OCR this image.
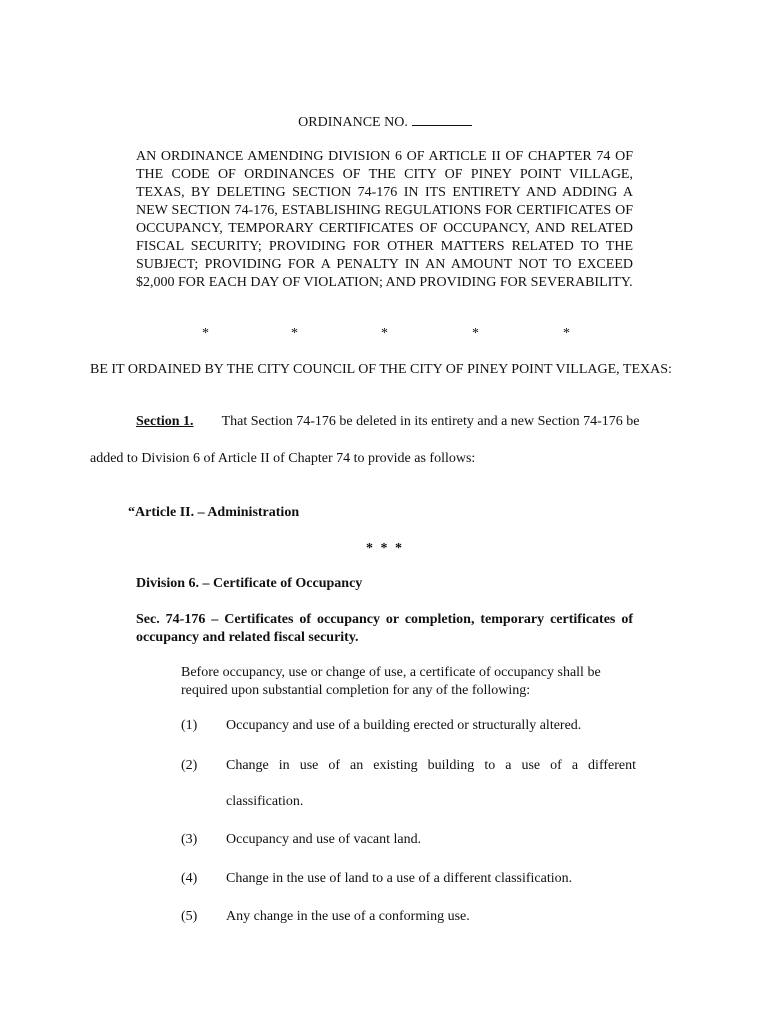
ORDINANCE NO.
AN ORDINANCE AMENDING DIVISION 6 OF ARTICLE II OF CHAPTER 74 OF THE CODE OF ORDINANCES OF THE CITY OF PINEY POINT VILLAGE, TEXAS, BY DELETING SECTION 74-176 IN ITS ENTIRETY AND ADDING A NEW SECTION 74-176, ESTABLISHING REGULATIONS FOR CERTIFICATES OF OCCUPANCY, TEMPORARY CERTIFICATES OF OCCUPANCY, AND RELATED FISCAL SECURITY; PROVIDING FOR OTHER MATTERS RELATED TO THE SUBJECT; PROVIDING FOR A PENALTY IN AN AMOUNT NOT TO EXCEED $2,000 FOR EACH DAY OF VIOLATION; AND PROVIDING FOR SEVERABILITY.
*	*	*	*	*
BE IT ORDAINED BY THE CITY COUNCIL OF THE CITY OF PINEY POINT VILLAGE, TEXAS:
Section 1. That Section 74-176 be deleted in its entirety and a new Section 74-176 be
added to Division 6 of Article II of Chapter 74 to provide as follows:
“Article II. – Administration
* * *
Division 6. – Certificate of Occupancy
Sec. 74-176 – Certificates of occupancy or completion, temporary certificates of occupancy and related fiscal security.
Before occupancy, use or change of use, a certificate of occupancy shall be required upon substantial completion for any of the following:
(1) Occupancy and use of a building erected or structurally altered.
(2) Change in use of an existing building to a use of a different classification.
(3) Occupancy and use of vacant land.
(4) Change in the use of land to a use of a different classification.
(5) Any change in the use of a conforming use.
